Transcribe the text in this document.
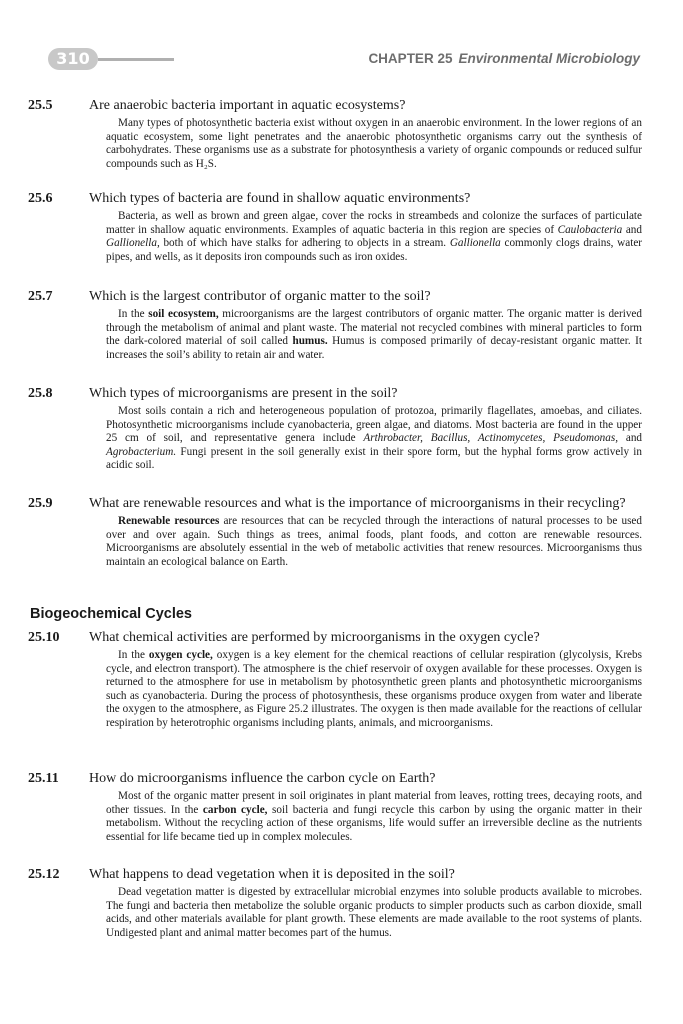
310	CHAPTER 25 Environmental Microbiology
25.5	Are anaerobic bacteria important in aquatic ecosystems?
Many types of photosynthetic bacteria exist without oxygen in an anaerobic environment. In the lower regions of an aquatic ecosystem, some light penetrates and the anaerobic photosynthetic organisms carry out the synthesis of carbohydrates. These organisms use as a substrate for photosynthesis a variety of organic compounds or reduced sulfur compounds such as H₂S.
25.6	Which types of bacteria are found in shallow aquatic environments?
Bacteria, as well as brown and green algae, cover the rocks in streambeds and colonize the surfaces of particulate matter in shallow aquatic environments. Examples of aquatic bacteria in this region are species of Caulobacteria and Gallionella, both of which have stalks for adhering to objects in a stream. Gallionella commonly clogs drains, water pipes, and wells, as it deposits iron compounds such as iron oxides.
25.7	Which is the largest contributor of organic matter to the soil?
In the soil ecosystem, microorganisms are the largest contributors of organic matter. The organic matter is derived through the metabolism of animal and plant waste. The material not recycled combines with mineral particles to form the dark-colored material of soil called humus. Humus is composed primarily of decay-resistant organic matter. It increases the soil’s ability to retain air and water.
25.8	Which types of microorganisms are present in the soil?
Most soils contain a rich and heterogeneous population of protozoa, primarily flagellates, amoebas, and ciliates. Photosynthetic microorganisms include cyanobacteria, green algae, and diatoms. Most bacteria are found in the upper 25 cm of soil, and representative genera include Arthrobacter, Bacillus, Actinomycetes, Pseudomonas, and Agrobacterium. Fungi present in the soil generally exist in their spore form, but the hyphal forms grow actively in acidic soil.
25.9	What are renewable resources and what is the importance of microorganisms in their recycling?
Renewable resources are resources that can be recycled through the interactions of natural processes to be used over and over again. Such things as trees, animal foods, plant foods, and cotton are renewable resources. Microorganisms are absolutely essential in the web of metabolic activities that renew resources. Microorganisms thus maintain an ecological balance on Earth.
Biogeochemical Cycles
25.10	What chemical activities are performed by microorganisms in the oxygen cycle?
In the oxygen cycle, oxygen is a key element for the chemical reactions of cellular respiration (glycolysis, Krebs cycle, and electron transport). The atmosphere is the chief reservoir of oxygen available for these processes. Oxygen is returned to the atmosphere for use in metabolism by photosynthetic green plants and photosynthetic microorganisms such as cyanobacteria. During the process of photosynthesis, these organisms produce oxygen from water and liberate the oxygen to the atmosphere, as Figure 25.2 illustrates. The oxygen is then made available for the reactions of cellular respiration by heterotrophic organisms including plants, animals, and microorganisms.
25.11	How do microorganisms influence the carbon cycle on Earth?
Most of the organic matter present in soil originates in plant material from leaves, rotting trees, decaying roots, and other tissues. In the carbon cycle, soil bacteria and fungi recycle this carbon by using the organic matter in their metabolism. Without the recycling action of these organisms, life would suffer an irreversible decline as the nutrients essential for life became tied up in complex molecules.
25.12	What happens to dead vegetation when it is deposited in the soil?
Dead vegetation matter is digested by extracellular microbial enzymes into soluble products available to microbes. The fungi and bacteria then metabolize the soluble organic products to simpler products such as carbon dioxide, small acids, and other materials available for plant growth. These elements are made available to the root systems of plants. Undigested plant and animal matter becomes part of the humus.
